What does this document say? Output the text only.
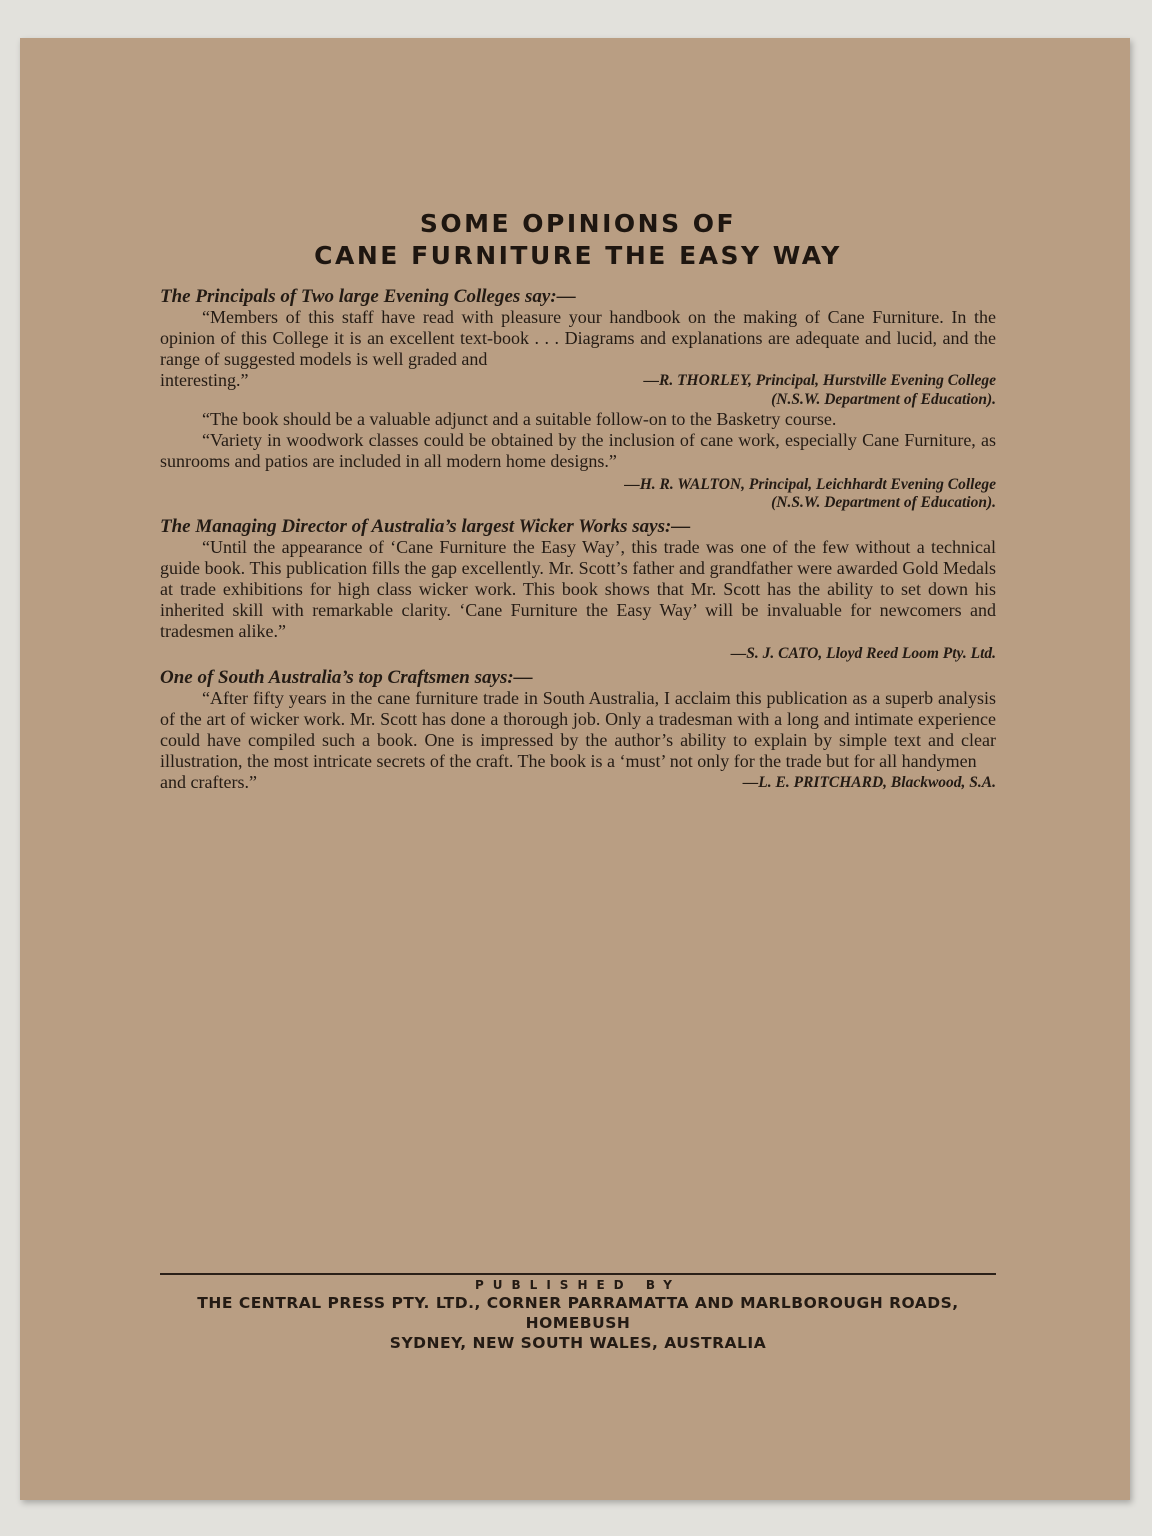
SOME OPINIONS OF
CANE FURNITURE THE EASY WAY
The Principals of Two large Evening Colleges say:—
“Members of this staff have read with pleasure your handbook on the making of Cane Furniture. In the opinion of this College it is an excellent text-book . . . Diagrams and explanations are adequate and lucid, and the range of suggested models is well graded and
interesting.”	—R. THORLEY, Principal, Hurstville Evening College
(N.S.W. Department of Education).
“The book should be a valuable adjunct and a suitable follow-on to the Basketry course.
“Variety in woodwork classes could be obtained by the inclusion of cane work, especially Cane Furniture, as sunrooms and patios are included in all modern home designs.”
—H. R. WALTON, Principal, Leichhardt Evening College
(N.S.W. Department of Education).
The Managing Director of Australia’s largest Wicker Works says:—
“Until the appearance of ‘Cane Furniture the Easy Way’, this trade was one of the few without a technical guide book. This publication fills the gap excellently. Mr. Scott’s father and grandfather were awarded Gold Medals at trade exhibitions for high class wicker work. This book shows that Mr. Scott has the ability to set down his inherited skill with remarkable clarity. ‘Cane Furniture the Easy Way’ will be invaluable for newcomers and tradesmen alike.”
—S. J. CATO, Lloyd Reed Loom Pty. Ltd.
One of South Australia’s top Craftsmen says:—
“After fifty years in the cane furniture trade in South Australia, I acclaim this publication as a superb analysis of the art of wicker work. Mr. Scott has done a thorough job. Only a tradesman with a long and intimate experience could have compiled such a book. One is impressed by the author’s ability to explain by simple text and clear illustration, the most intricate secrets of the craft. The book is a ‘must’ not only for the trade but for all handymen
and crafters.”	—L. E. PRITCHARD, Blackwood, S.A.
PUBLISHED BY
THE CENTRAL PRESS PTY. LTD., CORNER PARRAMATTA AND MARLBOROUGH ROADS, HOMEBUSH
SYDNEY, NEW SOUTH WALES, AUSTRALIA
